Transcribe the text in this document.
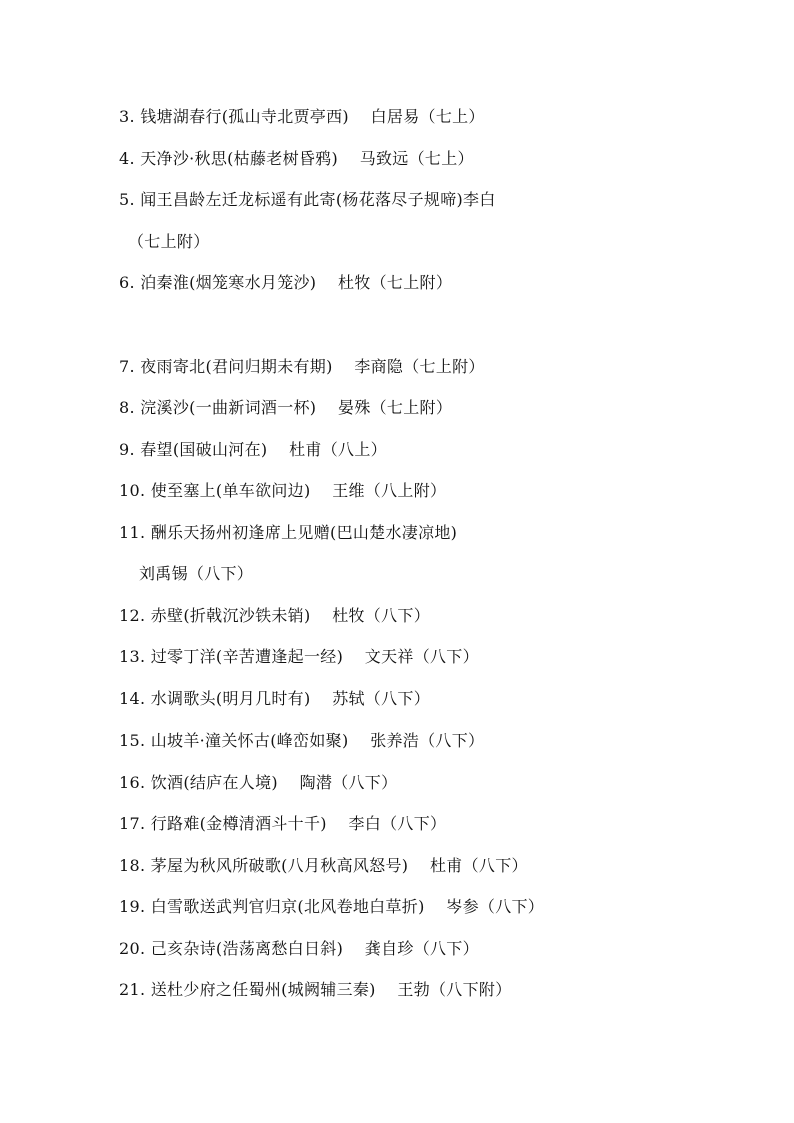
3. 钱塘湖春行(孤山寺北贾亭西)　 白居易（七上）
4. 天净沙·秋思(枯藤老树昏鸦)　 马致远（七上）
5. 闻王昌龄左迁龙标遥有此寄(杨花落尽子规啼)李白
（七上附）
6. 泊秦淮(烟笼寒水月笼沙)　 杜牧（七上附）
7. 夜雨寄北(君问归期未有期)　 李商隐（七上附）
8. 浣溪沙(一曲新词酒一杯)　 晏殊（七上附）
9. 春望(国破山河在)　 杜甫（八上）
10. 使至塞上(单车欲问边)　 王维（八上附）
11. 酬乐天扬州初逢席上见赠(巴山楚水凄凉地)
刘禹锡（八下）
12. 赤壁(折戟沉沙铁未销)　 杜牧（八下）
13. 过零丁洋(辛苦遭逢起一经)　 文天祥（八下）
14. 水调歌头(明月几时有)　 苏轼（八下）
15. 山坡羊·潼关怀古(峰峦如聚)　 张养浩（八下）
16. 饮酒(结庐在人境)　 陶潜（八下）
17. 行路难(金樽清酒斗十千)　 李白（八下）
18. 茅屋为秋风所破歌(八月秋高风怒号)　 杜甫（八下）
19. 白雪歌送武判官归京(北风卷地白草折)　 岑参（八下）
20. 己亥杂诗(浩荡离愁白日斜)　 龚自珍（八下）
21. 送杜少府之任蜀州(城阙辅三秦)　 王勃（八下附）
